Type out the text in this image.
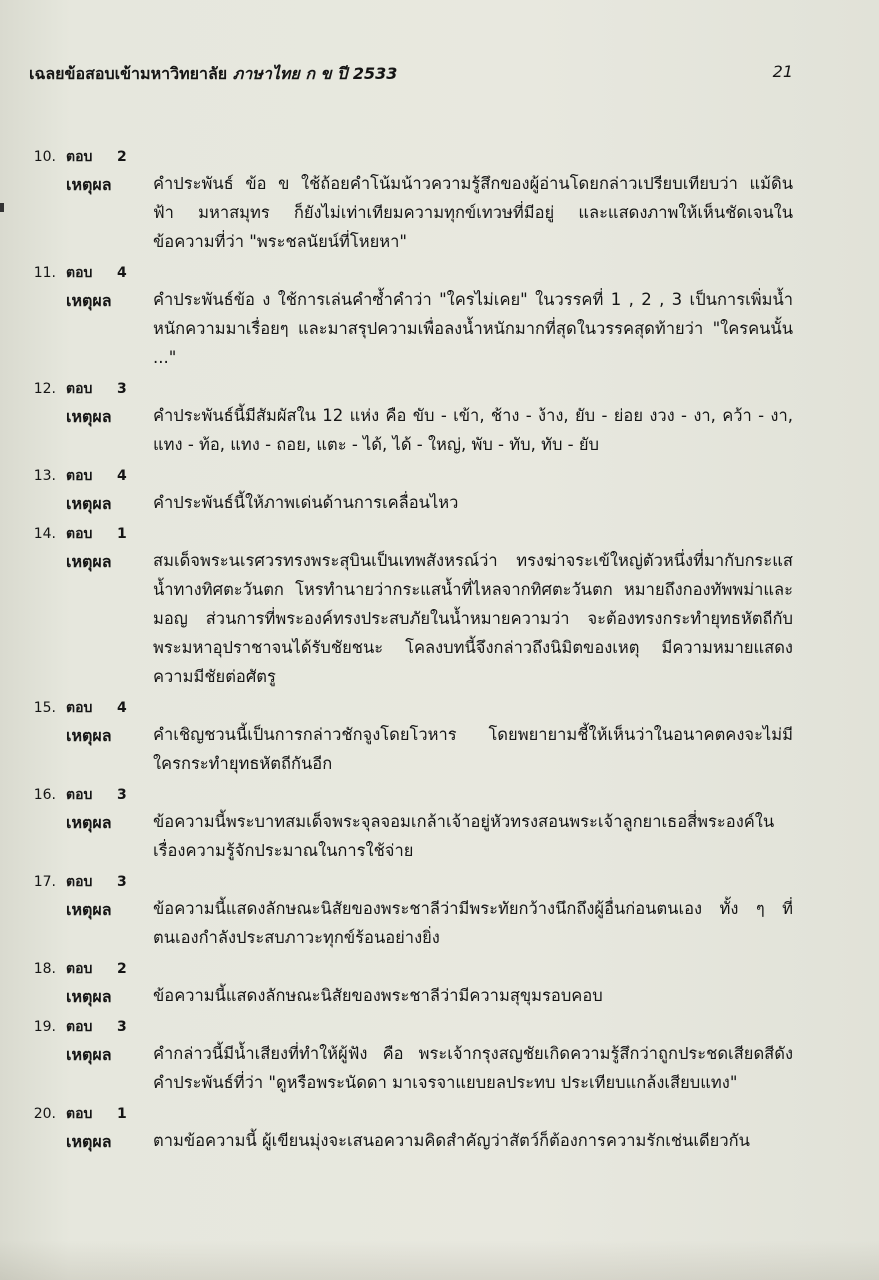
เฉลยข้อสอบเข้ามหาวิทยาลัย ภาษาไทย ก ข ปี 2533	21
10. ตอบ 2
เหตุผล	คำประพันธ์ ข้อ ข ใช้ถ้อยคำโน้มน้าวความรู้สึกของผู้อ่านโดยกล่าวเปรียบเทียบว่า แม้ดิน ฟ้า มหาสมุทร ก็ยังไม่เท่าเทียมความทุกข์เทวษที่มีอยู่ และแสดงภาพให้เห็นชัดเจนในข้อความที่ว่า "พระชลนัยน์ที่โหยหา"
11. ตอบ 4
เหตุผล	คำประพันธ์ข้อ ง ใช้การเล่นคำซ้ำคำว่า "ใครไม่เคย" ในวรรคที่ 1 , 2 , 3 เป็นการเพิ่มน้ำหนักความมาเรื่อยๆ และมาสรุปความเพื่อลงน้ำหนักมากที่สุดในวรรคสุดท้ายว่า "ใครคนนั้น ..."
12. ตอบ 3
เหตุผล	คำประพันธ์นี้มีสัมผัสใน 12 แห่ง คือ ขับ - เข้า, ช้าง - ง้าง, ยับ - ย่อย งวง - งา, คว้า - งา, แทง - ท้อ, แทง - ถอย, แตะ - ได้, ได้ - ใหญ่, พับ - ทับ, ทับ - ยับ
13. ตอบ 4
เหตุผล	คำประพันธ์นี้ให้ภาพเด่นด้านการเคลื่อนไหว
14. ตอบ 1
เหตุผล	สมเด็จพระนเรศวรทรงพระสุบินเป็นเทพสังหรณ์ว่า ทรงฆ่าจระเข้ใหญ่ตัวหนึ่งที่มากับกระแสน้ำทางทิศตะวันตก โหรทำนายว่ากระแสน้ำที่ไหลจากทิศตะวันตก หมายถึงกองทัพพม่าและมอญ ส่วนการที่พระองค์ทรงประสบภัยในน้ำหมายความว่า จะต้องทรงกระทำยุทธหัตถีกับพระมหาอุปราชาจนได้รับชัยชนะ โคลงบทนี้จึงกล่าวถึงนิมิตของเหตุ มีความหมายแสดงความมีชัยต่อศัตรู
15. ตอบ 4
เหตุผล	คำเชิญชวนนี้เป็นการกล่าวชักจูงโดยโวหาร โดยพยายามชี้ให้เห็นว่าในอนาคตคงจะไม่มีใครกระทำยุทธหัตถีกันอีก
16. ตอบ 3
เหตุผล	ข้อความนี้พระบาทสมเด็จพระจุลจอมเกล้าเจ้าอยู่หัวทรงสอนพระเจ้าลูกยาเธอสี่พระองค์ในเรื่องความรู้จักประมาณในการใช้จ่าย
17. ตอบ 3
เหตุผล	ข้อความนี้แสดงลักษณะนิสัยของพระชาลีว่ามีพระทัยกว้างนึกถึงผู้อื่นก่อนตนเอง ทั้ง ๆ ที่ตนเองกำลังประสบภาวะทุกข์ร้อนอย่างยิ่ง
18. ตอบ 2
เหตุผล	ข้อความนี้แสดงลักษณะนิสัยของพระชาลีว่ามีความสุขุมรอบคอบ
19. ตอบ 3
เหตุผล	คำกล่าวนี้มีน้ำเสียงที่ทำให้ผู้ฟัง คือ พระเจ้ากรุงสญชัยเกิดความรู้สึกว่าถูกประชดเสียดสีดังคำประพันธ์ที่ว่า "ดูหรือพระนัดดา มาเจรจาแยบยลประทบ ประเทียบแกล้งเสียบแทง"
20. ตอบ 1
เหตุผล	ตามข้อความนี้ ผู้เขียนมุ่งจะเสนอความคิดสำคัญว่าสัตว์ก็ต้องการความรักเช่นเดียวกัน
